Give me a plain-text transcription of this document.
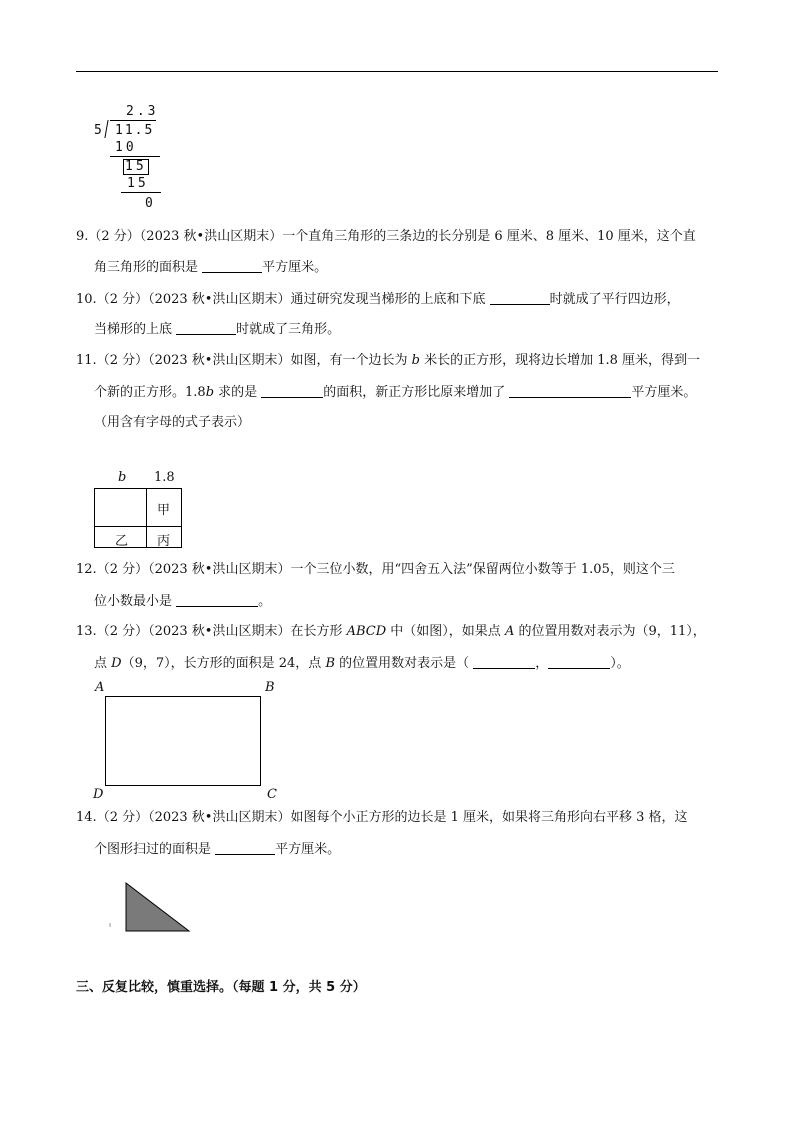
2.3
5 11.5
10
15
15
0
9.（2 分）（2023 秋•洪山区期末）一个直角三角形的三条边的长分别是 6 厘米、8 厘米、10 厘米，这个直
角三角形的面积是	平方厘米。
10.（2 分）（2023 秋•洪山区期末）通过研究发现当梯形的上底和下底	时就成了平行四边形，
当梯形的上底	时就成了三角形。
11.（2 分）（2023 秋•洪山区期末）如图，有一个边长为 b 米长的正方形，现将边长增加 1.8 厘米，得到一
个新的正方形。1.8b 求的是	的面积，新正方形比原来增加了	平方厘米。
（用含有字母的式子表示）
b 1.8
甲
乙 丙
12.（2 分）（2023 秋•洪山区期末）一个三位小数，用“四舍五入法”保留两位小数等于 1.05，则这个三
位小数最小是	。
13.（2 分）（2023 秋•洪山区期末）在长方形 ABCD 中（如图），如果点 A 的位置用数对表示为（9，11），
点 D（9，7），长方形的面积是 24，点 B 的位置用数对表示是（	，	）。
A	B
C
D
14.（2 分）（2023 秋•洪山区期末）如图每个小正方形的边长是 1 厘米，如果将三角形向右平移 3 格，这
个图形扫过的面积是	平方厘米。
三、反复比较，慎重选择。（每题 1 分，共 5 分）
